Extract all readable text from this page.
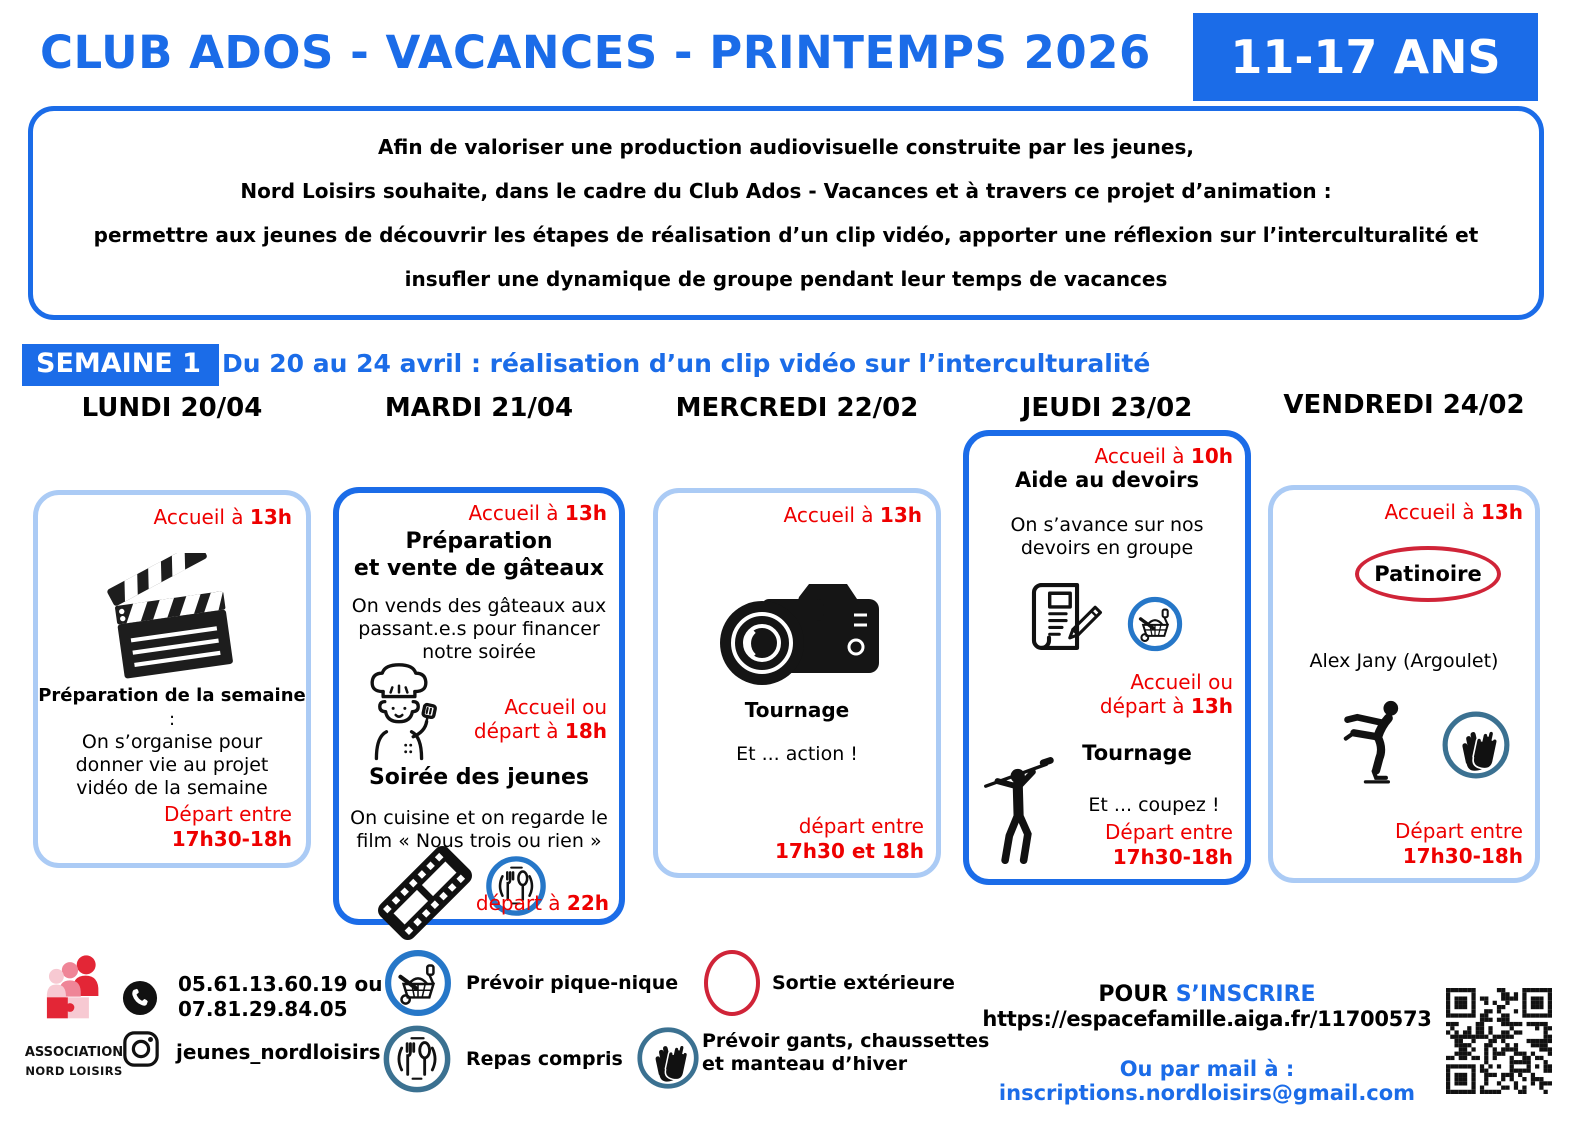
CLUB ADOS - VACANCES - PRINTEMPS 2026	11-17 ANS
Afin de valoriser une production audiovisuelle construite par les jeunes,
Nord Loisirs souhaite, dans le cadre du Club Ados - Vacances et à travers ce projet d’animation :
permettre aux jeunes de découvrir les étapes de réalisation d’un clip vidéo, apporter une réflexion sur l’interculturalité et
insufler une dynamique de groupe pendant leur temps de vacances
SEMAINE 1 Du 20 au 24 avril : réalisation d’un clip vidéo sur l’interculturalité
LUNDI 20/04	MARDI 21/04	MERCREDI 22/02	JEUDI 23/02	VENDREDI 24/02
Accueil à 13h
Préparation de la semaine
:
On s’organise pour donner vie au projet vidéo de la semaine
Départ entre
17h30-18h
Accueil à 13h
Préparation
et vente de gâteaux
On vends des gâteaux aux passant.e.s pour financer notre soirée
Accueil ou
départ à 18h
Soirée des jeunes
On cuisine et on regarde le film « Nous trois ou rien »
départ à 22h
Accueil à 13h
Tournage
Et ... action !
départ entre
17h30 et 18h
Accueil à 10h
Aide au devoirs
On s’avance sur nos devoirs en groupe
Accueil ou
départ à 13h
Tournage
Et ... coupez !
Départ entre
17h30-18h
Accueil à 13h
Patinoire
Alex Jany (Argoulet)
Départ entre
17h30-18h
ASSOCIATION
NORD LOISIRS
05.61.13.60.19 ou
07.81.29.84.05
jeunes_nordloisirs
Prévoir pique-nique
Repas compris
Sortie extérieure
Prévoir gants, chaussettes
et manteau d’hiver
POUR S’INSCRIRE
https://espacefamille.aiga.fr/11700573
Ou par mail à :
inscriptions.nordloisirs@gmail.com
